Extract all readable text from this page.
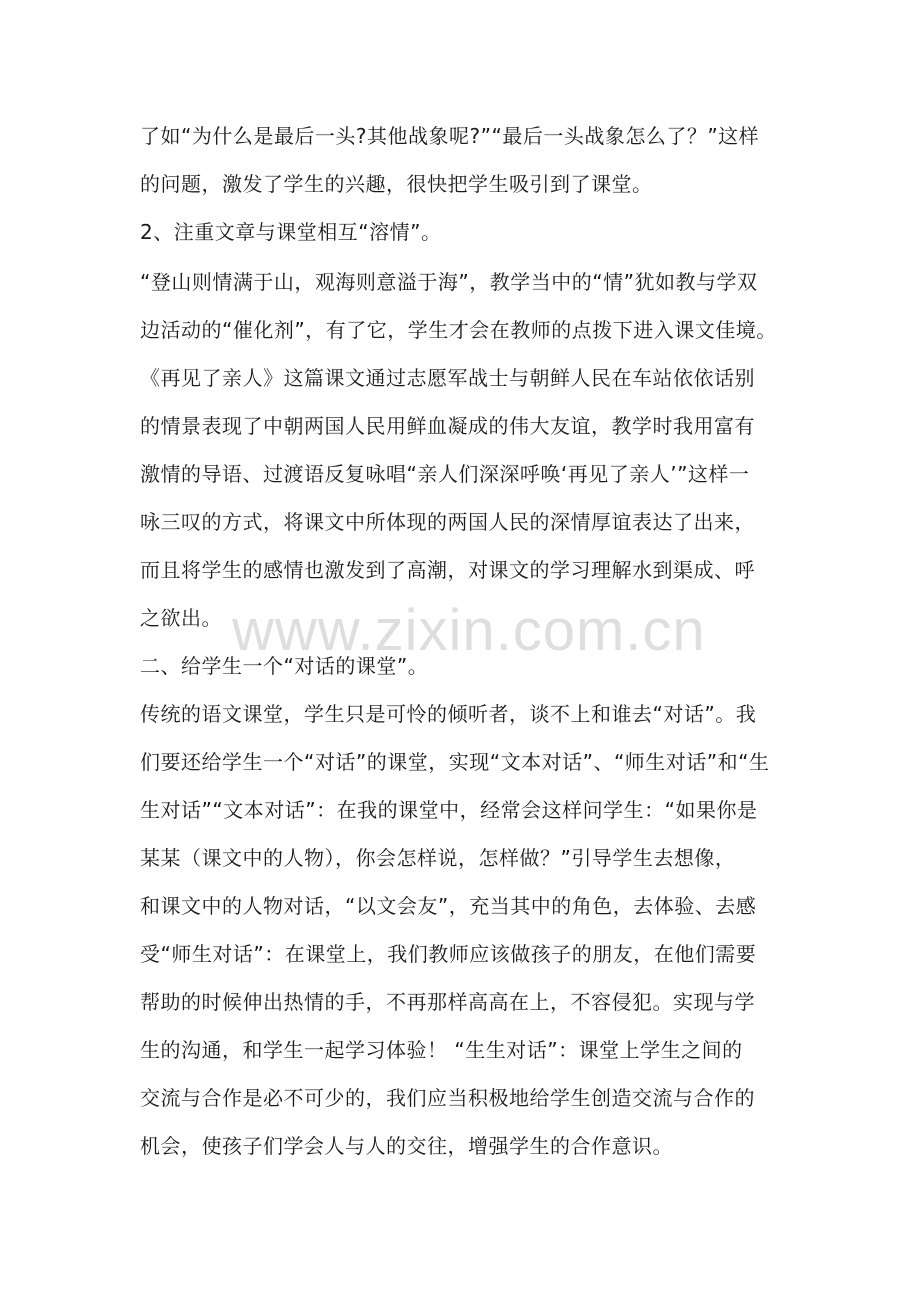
了如“为什么是最后一头?其他战象呢?”“最后一头战象怎么了？”这样
的问题，激发了学生的兴趣，很快把学生吸引到了课堂。
2、注重文章与课堂相互“溶情”。
“登山则情满于山，观海则意溢于海”，教学当中的“情”犹如教与学双
边活动的“催化剂”，有了它，学生才会在教师的点拨下进入课文佳境。
《再见了亲人》这篇课文通过志愿军战士与朝鲜人民在车站依依话别
的情景表现了中朝两国人民用鲜血凝成的伟大友谊，教学时我用富有
激情的导语、过渡语反复咏唱“亲人们深深呼唤‘再见了亲人’”这样一
咏三叹的方式，将课文中所体现的两国人民的深情厚谊表达了出来，
而且将学生的感情也激发到了高潮，对课文的学习理解水到渠成、呼
之欲出。
二、给学生一个“对话的课堂”。
传统的语文课堂，学生只是可怜的倾听者，谈不上和谁去“对话”。我
们要还给学生一个“对话”的课堂，实现“文本对话”、“师生对话”和“生
生对话”“文本对话”：在我的课堂中，经常会这样问学生：“如果你是
某某（课文中的人物），你会怎样说，怎样做？”引导学生去想像，
和课文中的人物对话，“以文会友”，充当其中的角色，去体验、去感
受“师生对话”：在课堂上，我们教师应该做孩子的朋友，在他们需要
帮助的时候伸出热情的手，不再那样高高在上，不容侵犯。实现与学
生的沟通，和学生一起学习体验！ “生生对话”：课堂上学生之间的
交流与合作是必不可少的，我们应当积极地给学生创造交流与合作的
机会，使孩子们学会人与人的交往，增强学生的合作意识。
www.zixin.com.cn
